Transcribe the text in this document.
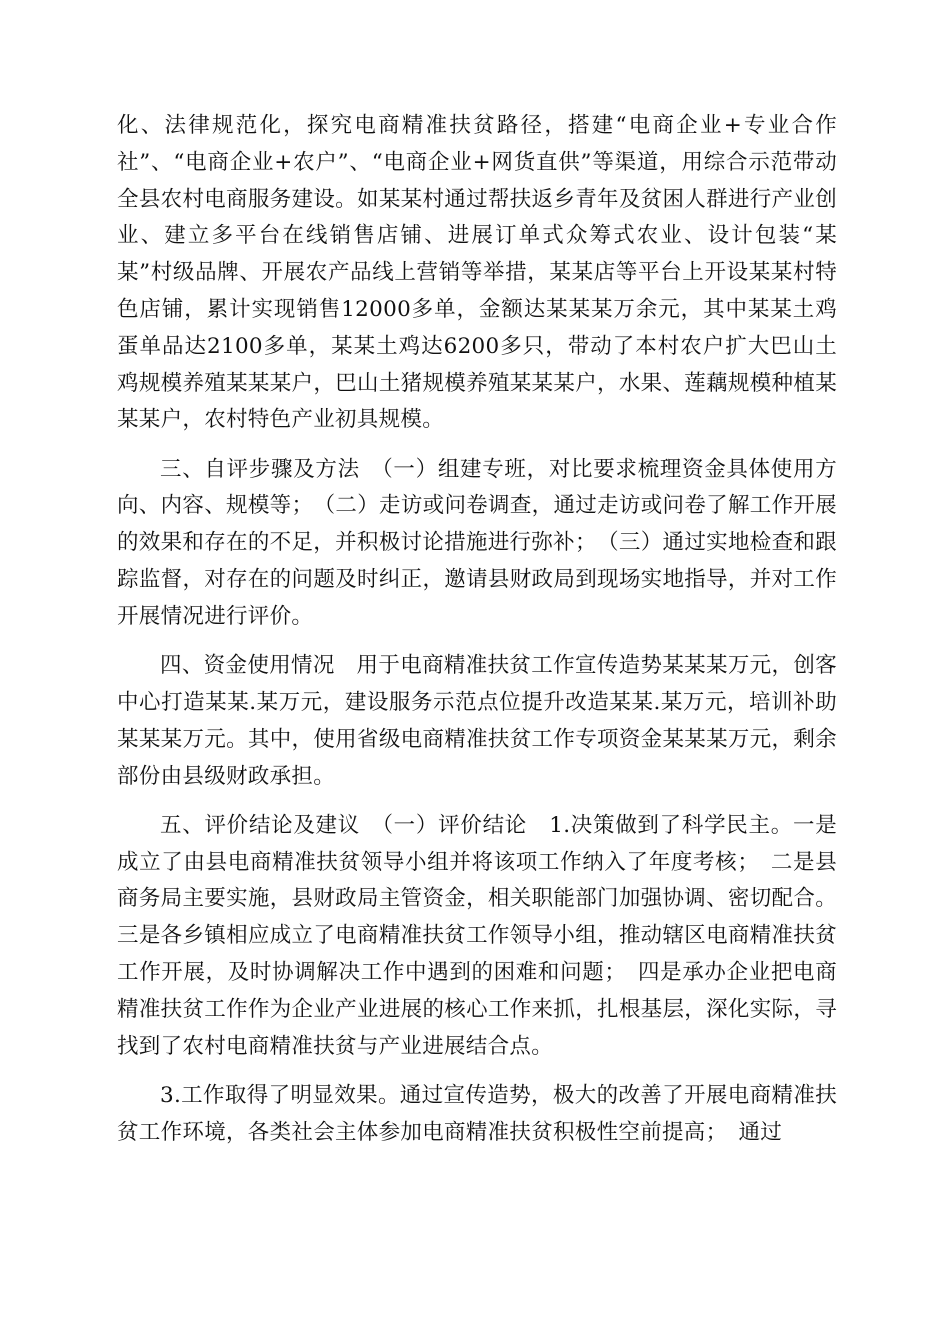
化、法律规范化，探究电商精准扶贫路径，搭建“电商企业+专业合作社”、“电商企业+农户”、“电商企业+网货直供”等渠道，用综合示范带动全县农村电商服务建设。如某某村通过帮扶返乡青年及贫困人群进行产业创业、建立多平台在线销售店铺、进展订单式众筹式农业、设计包装“某某”村级品牌、开展农产品线上营销等举措，某某店等平台上开设某某村特色店铺，累计实现销售12000多单，金额达某某某万余元，其中某某土鸡蛋单品达2100多单，某某土鸡达6200多只，带动了本村农户扩大巴山土鸡规模养殖某某某户，巴山土猪规模养殖某某某户，水果、莲藕规模种植某某某户，农村特色产业初具规模。

三、自评步骤及方法　（一）组建专班，对比要求梳理资金具体使用方向、内容、规模等；　（二）走访或问卷调查，通过走访或问卷了解工作开展的效果和存在的不足，并积极讨论措施进行弥补；　（三）通过实地检查和跟踪监督，对存在的问题及时纠正，邀请县财政局到现场实地指导，并对工作开展情况进行评价。

四、资金使用情况　用于电商精准扶贫工作宣传造势某某某万元，创客中心打造某某.某万元，建设服务示范点位提升改造某某.某万元，培训补助某某某万元。其中，使用省级电商精准扶贫工作专项资金某某某万元，剩余部份由县级财政承担。

五、评价结论及建议　（一）评价结论　1.决策做到了科学民主。一是成立了由县电商精准扶贫领导小组并将该项工作纳入了年度考核；　二是县商务局主要实施，县财政局主管资金，相关职能部门加强协调、密切配合。三是各乡镇相应成立了电商精准扶贫工作领导小组，推动辖区电商精准扶贫工作开展，及时协调解决工作中遇到的困难和问题；　四是承办企业把电商精准扶贫工作作为企业产业进展的核心工作来抓，扎根基层，深化实际，寻找到了农村电商精准扶贫与产业进展结合点。

3.工作取得了明显效果。通过宣传造势，极大的改善了开展电商精准扶贫工作环境，各类社会主体参加电商精准扶贫积极性空前提高；　通过
